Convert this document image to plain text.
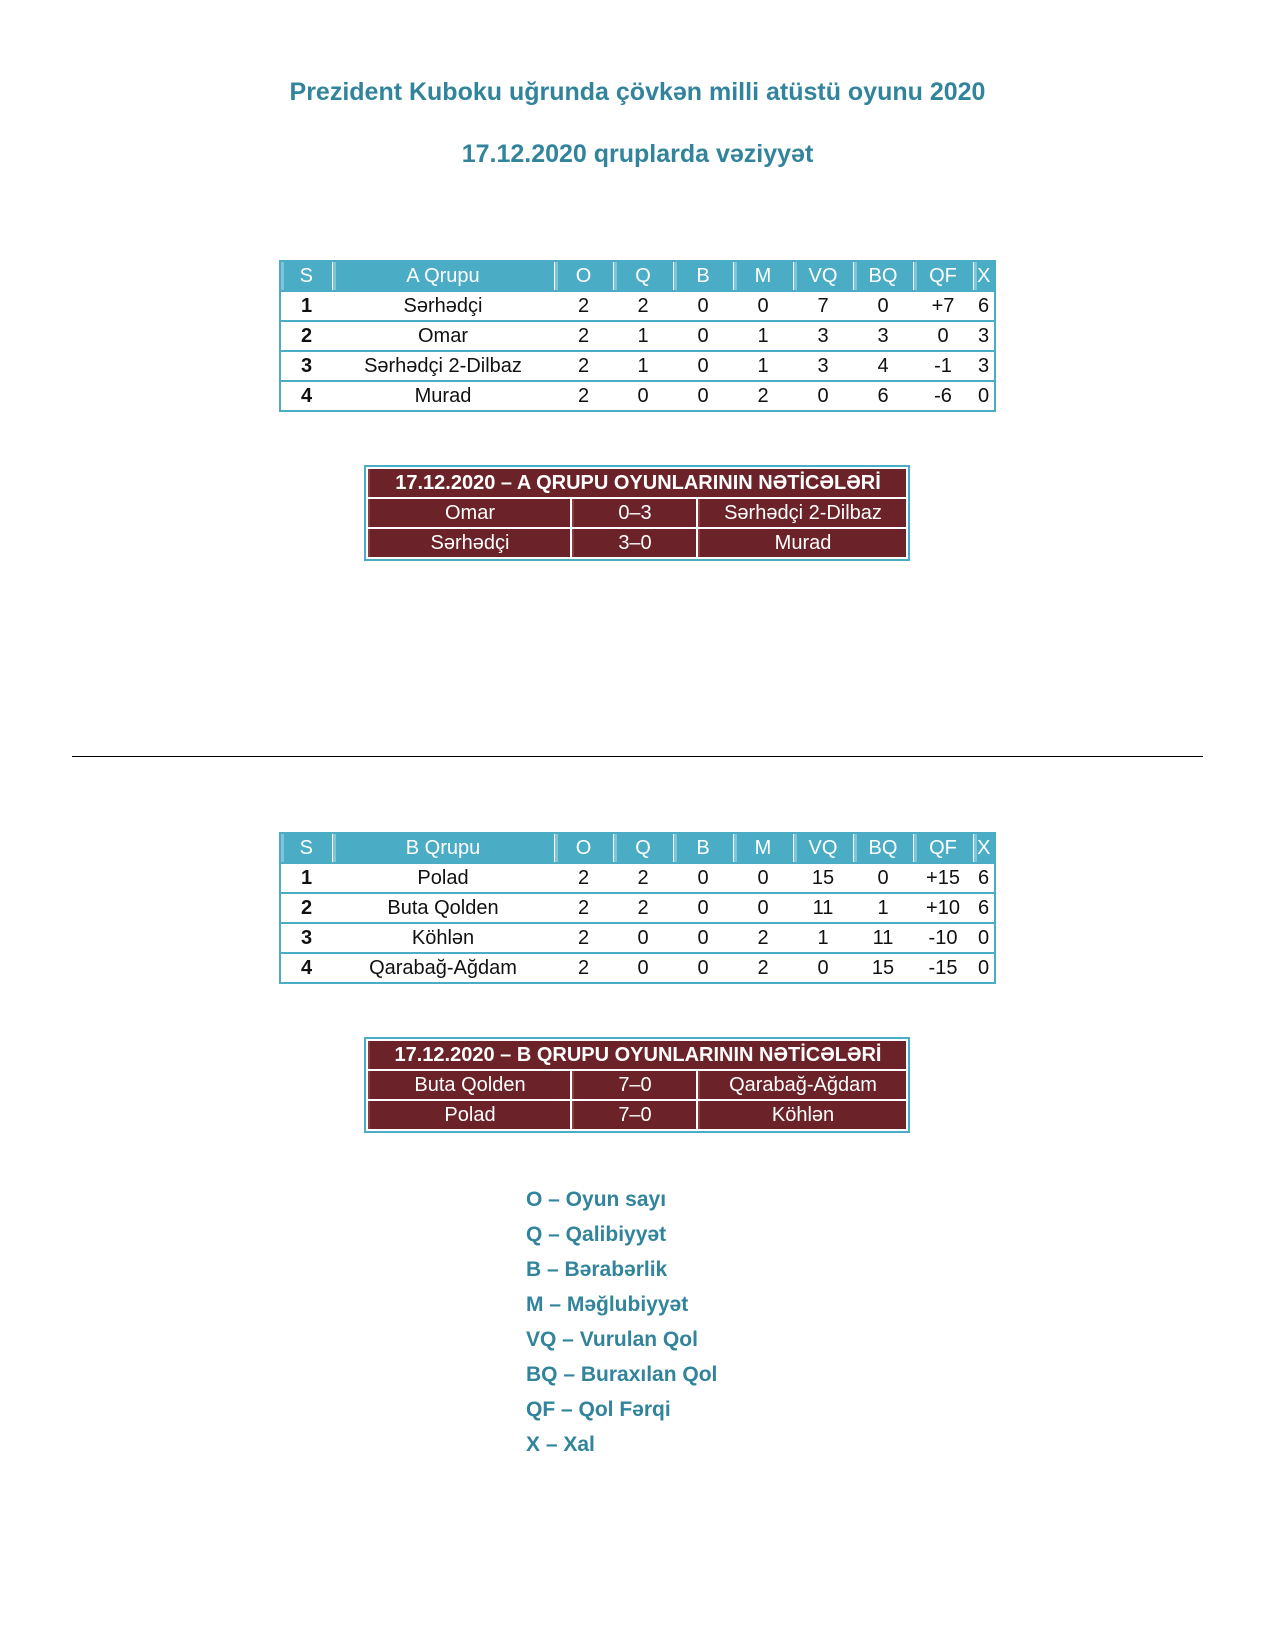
Prezident Kuboku uğrunda çövkən milli atüstü oyunu 2020
17.12.2020 qruplarda vəziyyət
S	A Qrupu	O	Q	B	M	VQ	BQ	QF	X
1	Sərhədçi	2	2	0	0	7	0	+7	6
2	Omar	2	1	0	1	3	3	0	3
3	Sərhədçi 2-Dilbaz	2	1	0	1	3	4	-1	3
4	Murad	2	0	0	2	0	6	-6	0
17.12.2020 – A QRUPU OYUNLARININ NƏTİCƏLƏRİ		
Omar	0–3	Sərhədçi 2-Dilbaz
Sərhədçi	3–0	Murad
S	B Qrupu	O	Q	B	M	VQ	BQ	QF	X
1	Polad	2	2	0	0	15	0	+15	6
2	Buta Qolden	2	2	0	0	11	1	+10	6
3	Köhlən	2	0	0	2	1	11	-10	0
4	Qarabağ-Ağdam	2	0	0	2	0	15	-15	0
17.12.2020 – B QRUPU OYUNLARININ NƏTİCƏLƏRİ		
Buta Qolden	7–0	Qarabağ-Ağdam
Polad	7–0	Köhlən
O – Oyun sayı
Q – Qalibiyyət
B – Bərabərlik
M – Məğlubiyyət
VQ – Vurulan Qol
BQ – Buraxılan Qol
QF – Qol Fərqi
X – Xal
